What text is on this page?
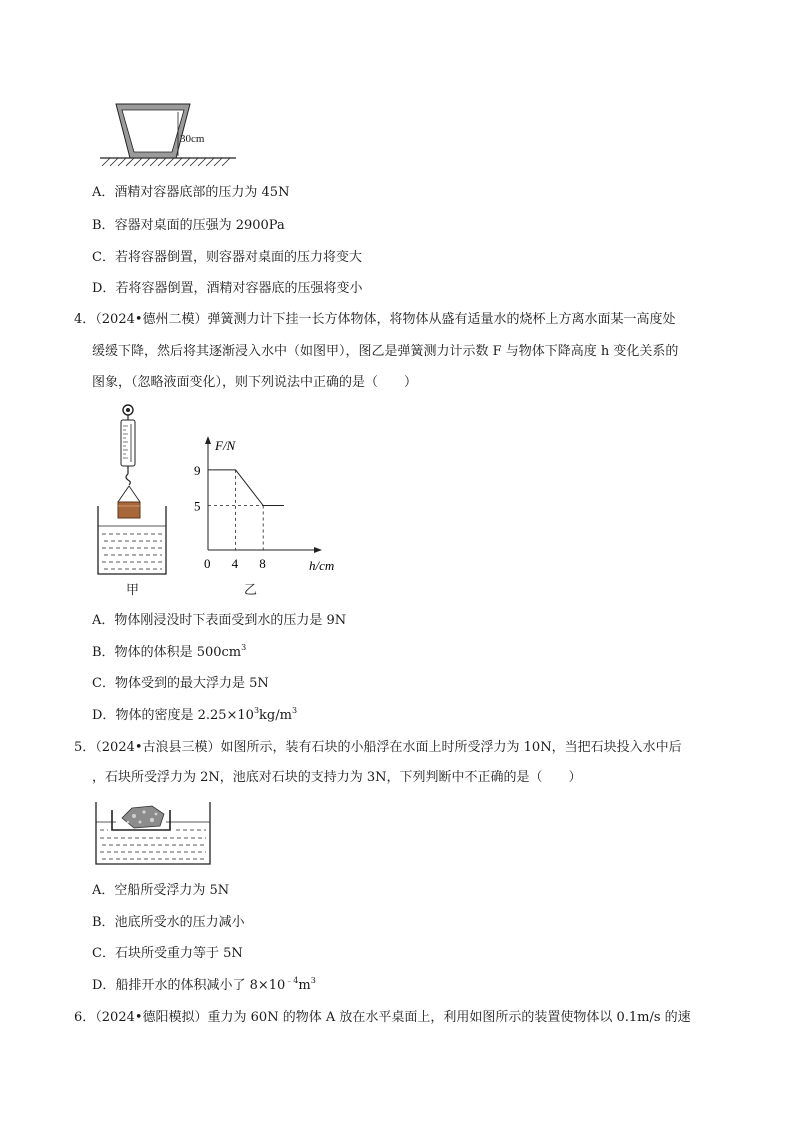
30cm
A．酒精对容器底部的压力为 45N
B．容器对桌面的压强为 2900Pa
C．若将容器倒置，则容器对桌面的压力将变大
D．若将容器倒置，酒精对容器底的压强将变小
4．（2024•德州二模）弹簧测力计下挂一长方体物体，将物体从盛有适量水的烧杯上方离水面某一高度处
缓缓下降，然后将其逐渐浸入水中（如图甲），图乙是弹簧测力计示数 F 与物体下降高度 h 变化关系的
图象，（忽略液面变化），则下列说法中正确的是（　　）
甲
F/N
h/cm
0 4 8
9
5
乙
A．物体刚浸没时下表面受到水的压力是 9N
B．物体的体积是 $500cm^3$
C．物体受到的最大浮力是 5N
D．物体的密度是 $2.25\times 10^3kg/m^3$
5．（2024•古浪县三模）如图所示，装有石块的小船浮在水面上时所受浮力为 10N，当把石块投入水中后
，石块所受浮力为 2N，池底对石块的支持力为 3N，下列判断中不正确的是（　　）
A．空船所受浮力为 5N
B．池底所受水的压力减小
C．石块所受重力等于 5N
D．船排开水的体积减小了 $8\times 10^{﹣4}m^3$
6．（2024•德阳模拟）重力为 60N 的物体 A 放在水平桌面上，利用如图所示的装置使物体以 0.1m/s 的速
